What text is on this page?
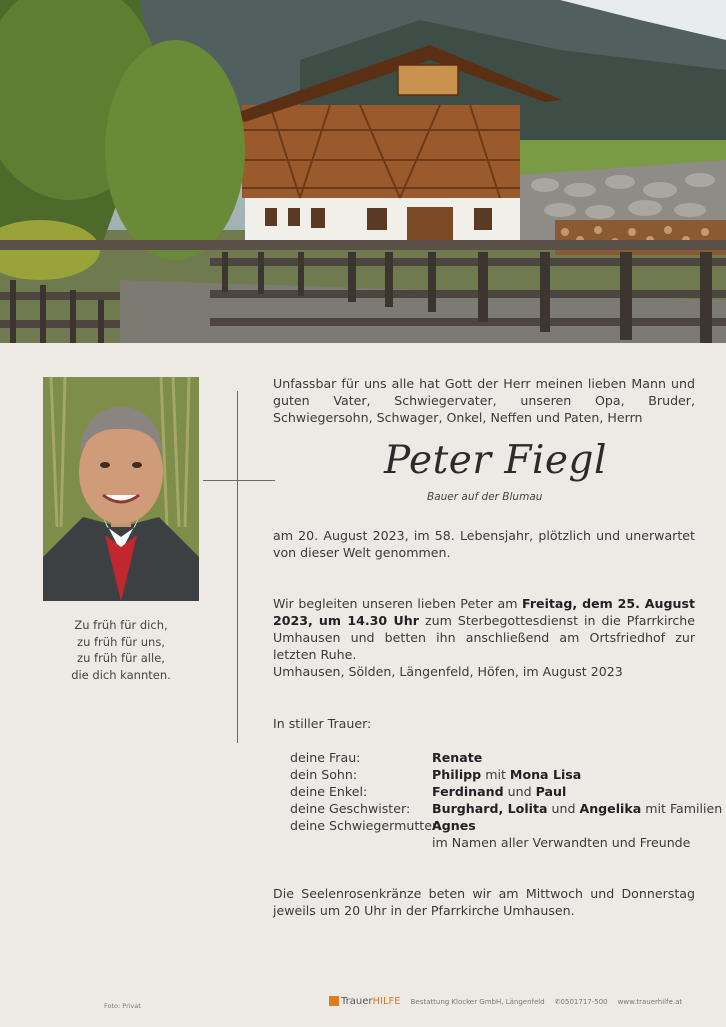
Zu früh für dich,
zu früh für uns,
zu früh für alle,
die dich kannten.
Unfassbar für uns alle hat Gott der Herr meinen lieben Mann und guten Vater, Schwiegervater, unseren Opa, Bruder, Schwiegersohn, Schwager, Onkel, Neffen und Paten, Herrn
Peter Fiegl
Bauer auf der Blumau
am 20. August 2023, im 58. Lebensjahr, plötzlich und unerwartet von dieser Welt genommen.
Wir begleiten unseren lieben Peter am Freitag, dem 25. August 2023, um 14.30 Uhr zum Sterbegottesdienst in die Pfarrkirche Umhausen und betten ihn anschließend am Ortsfriedhof zur letzten Ruhe.
Umhausen, Sölden, Längenfeld, Höfen, im August 2023
In stiller Trauer:
deine Frau:	Renate
dein Sohn:	Philipp mit Mona Lisa
deine Enkel:	Ferdinand und Paul
deine Geschwister: Burghard, Lolita und Angelika mit Familien
deine Schwiegermutter:
Agnes
im Namen aller Verwandten und Freunde
Die Seelenrosenkränze beten wir am Mittwoch und Donnerstag jeweils um 20 Uhr in der Pfarrkirche Umhausen.
Foto: Privat	TrauerHILFE Bestattung Klocker GmbH, Längenfeld ✆0501717-500 www.trauerhilfe.at
